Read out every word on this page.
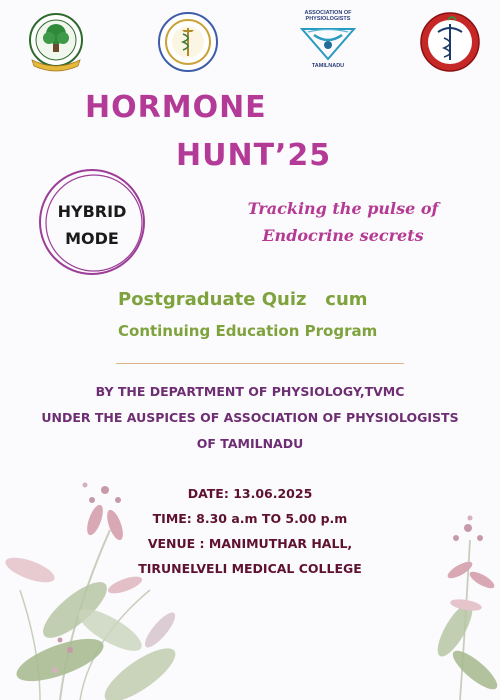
ASSOCIATION OF PHYSIOLOGISTS
TAMILNADU
HORMONE
HUNT’25
HYBRID
MODE
Tracking the pulse of
Endocrine secrets
Postgraduate Quiz   cum
Continuing Education Program
BY THE DEPARTMENT OF PHYSIOLOGY,TVMC
UNDER THE AUSPICES OF ASSOCIATION OF PHYSIOLOGISTS
OF TAMILNADU
DATE: 13.06.2025
TIME: 8.30 a.m TO 5.00 p.m
VENUE : MANIMUTHAR HALL,
TIRUNELVELI MEDICAL COLLEGE
